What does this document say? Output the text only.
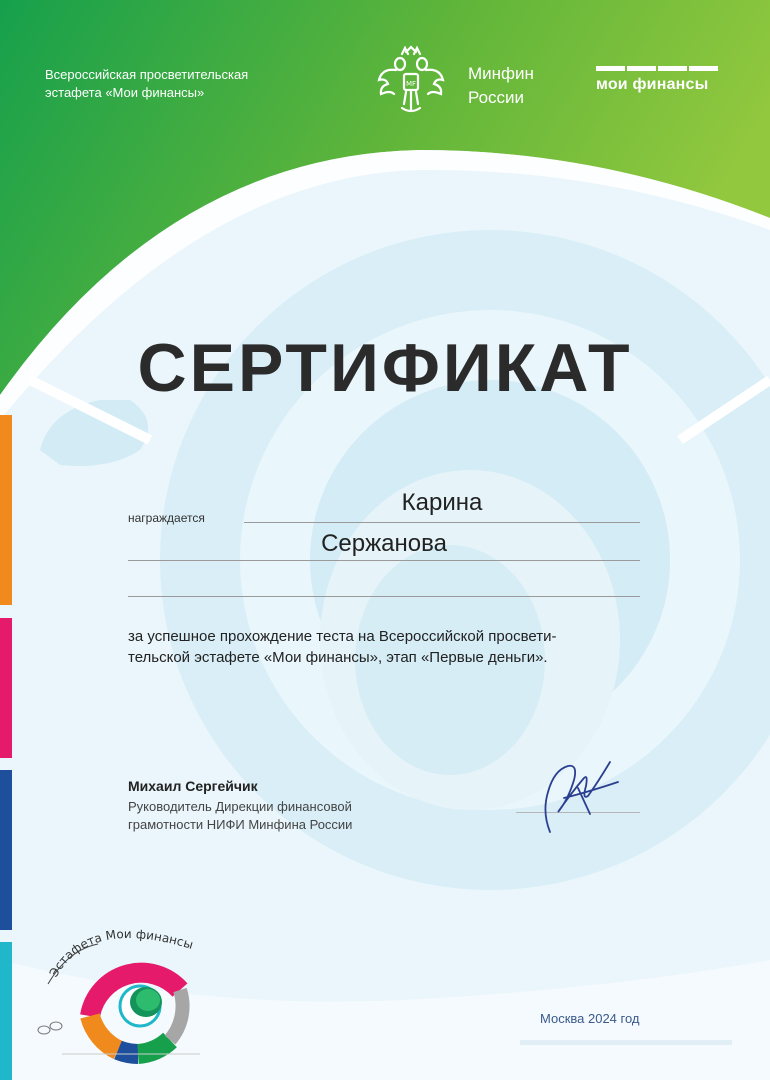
Всероссийская просветительская
эстафета «Мои финансы»
MF
Минфин
России
мои финансы
СЕРТИФИКАТ
награждается
Карина
Сержанова
за успешное прохождение теста на Всероссийской просвети-
тельской эстафете «Мои финансы», этап «Первые деньги».
Михаил Сергейчик
Руководитель Дирекции финансовой
грамотности НИФИ Минфина России
Москва 2024 год
Эстафета Мои финансы
